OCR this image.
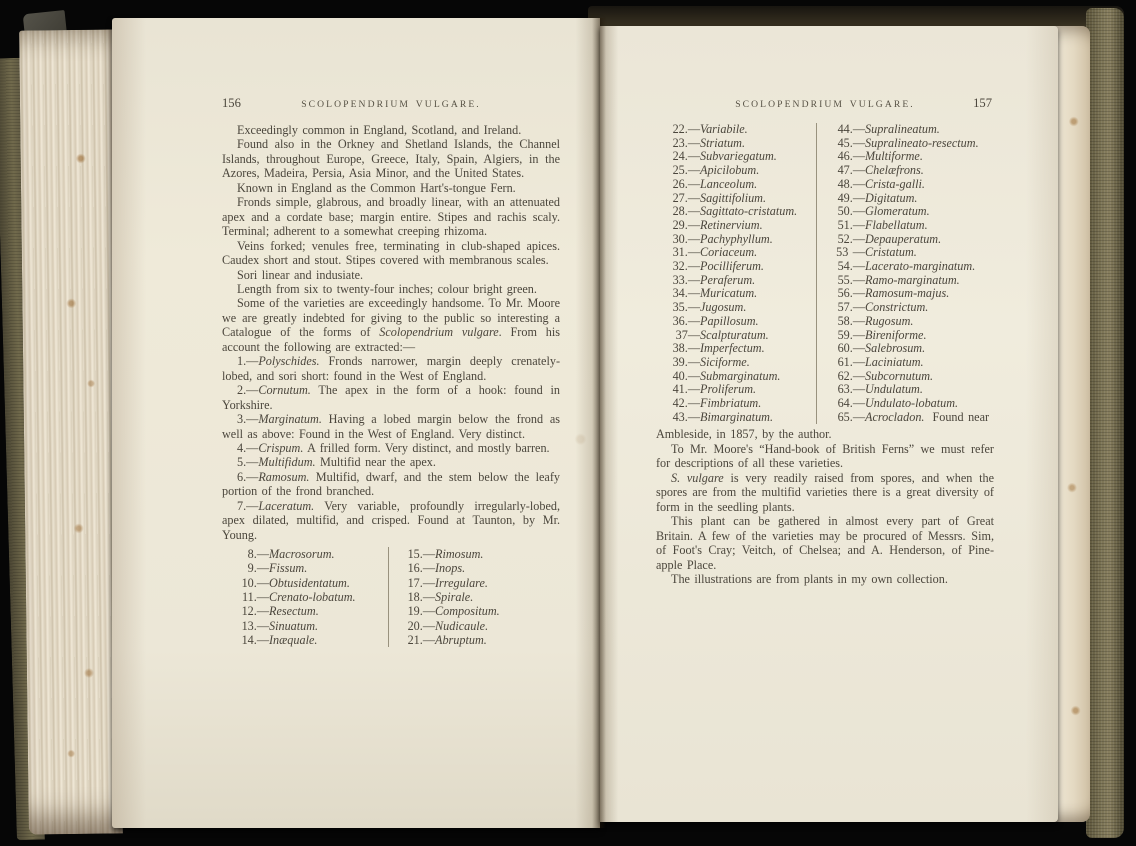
156	SCOLOPENDRIUM VULGARE.

Exceedingly common in England, Scotland, and Ireland.

Found also in the Orkney and Shetland Islands, the Channel Islands, throughout Europe, Greece, Italy, Spain, Algiers, in the Azores, Madeira, Persia, Asia Minor, and the United States.

Known in England as the Common Hart's-tongue Fern.

Fronds simple, glabrous, and broadly linear, with an attenuated apex and a cordate base; margin entire. Stipes and rachis scaly. Terminal; adherent to a somewhat creeping rhizoma.

Veins forked; venules free, terminating in club-shaped apices. Caudex short and stout. Stipes covered with membranous scales.

Sori linear and indusiate.

Length from six to twenty-four inches; colour bright green.

Some of the varieties are exceedingly handsome. To Mr. Moore we are greatly indebted for giving to the public so interesting a Catalogue of the forms of Scolopendrium vulgare. From his account the following are extracted:—

1.—Polyschides. Fronds narrower, margin deeply crenately-lobed, and sori short: found in the West of England.

2.—Cornutum. The apex in the form of a hook: found in Yorkshire.

3.—Marginatum. Having a lobed margin below the frond as well as above: Found in the West of England. Very distinct.

4.—Crispum. A frilled form. Very distinct, and mostly barren.

5.—Multifidum. Multifid near the apex.

6.—Ramosum. Multifid, dwarf, and the stem below the leafy portion of the frond branched.

7.—Laceratum. Very variable, profoundly irregularly-lobed, apex dilated, multifid, and crisped. Found at Taunton, by Mr. Young.

8.—Macrosorum.
9.—Fissum.
10.—Obtusidentatum.
11.—Crenato-lobatum.
12.—Resectum.
13.—Sinuatum.
14.—Inæquale.
15.—Rimosum.
16.—Inops.
17.—Irregulare.
18.—Spirale.
19.—Compositum.
20.—Nudicaule.
21.—Abruptum.
SCOLOPENDRIUM VULGARE.	157
22.—Variabile.
23.—Striatum.
24.—Subvariegatum.
25.—Apicilobum.
26.—Lanceolum.
27.—Sagittifolium.
28.—Sagittato-cristatum.
29.—Retinervium.
30.—Pachyphyllum.
31.—Coriaceum.
32.—Pocilliferum.
33.—Peraferum.
34.—Muricatum.
35.—Jugosum.
36.—Papillosum.
37—Scalpturatum.
38.—Imperfectum.
39.—Siciforme.
40.—Submarginatum.
41.—Proliferum.
42.—Fimbriatum.
43.—Bimarginatum.
44.—Supralineatum.
45.—Supralineato-resectum.
46.—Multiforme.
47.—Chelæfrons.
48.—Crista-galli.
49.—Digitatum.
50.—Glomeratum.
51.—Flabellatum.
52.—Depauperatum.
53 —Cristatum.
54.—Lacerato-marginatum.
55.—Ramo-marginatum.
56.—Ramosum-majus.
57.—Constrictum.
58.—Rugosum.
59.—Bireniforme.
60.—Salebrosum.
61.—Laciniatum.
62.—Subcornutum.
63.—Undulatum.
64.—Undulato-lobatum.
65.—Acrocladon. Found near

Ambleside, in 1857, by the author.

To Mr. Moore's “Hand-book of British Ferns” we must refer for descriptions of all these varieties.

S. vulgare is very readily raised from spores, and when the spores are from the multifid varieties there is a great diversity of form in the seedling plants.

This plant can be gathered in almost every part of Great Britain. A few of the varieties may be procured of Messrs. Sim, of Foot's Cray; Veitch, of Chelsea; and A. Henderson, of Pine-apple Place.

The illustrations are from plants in my own collection.
